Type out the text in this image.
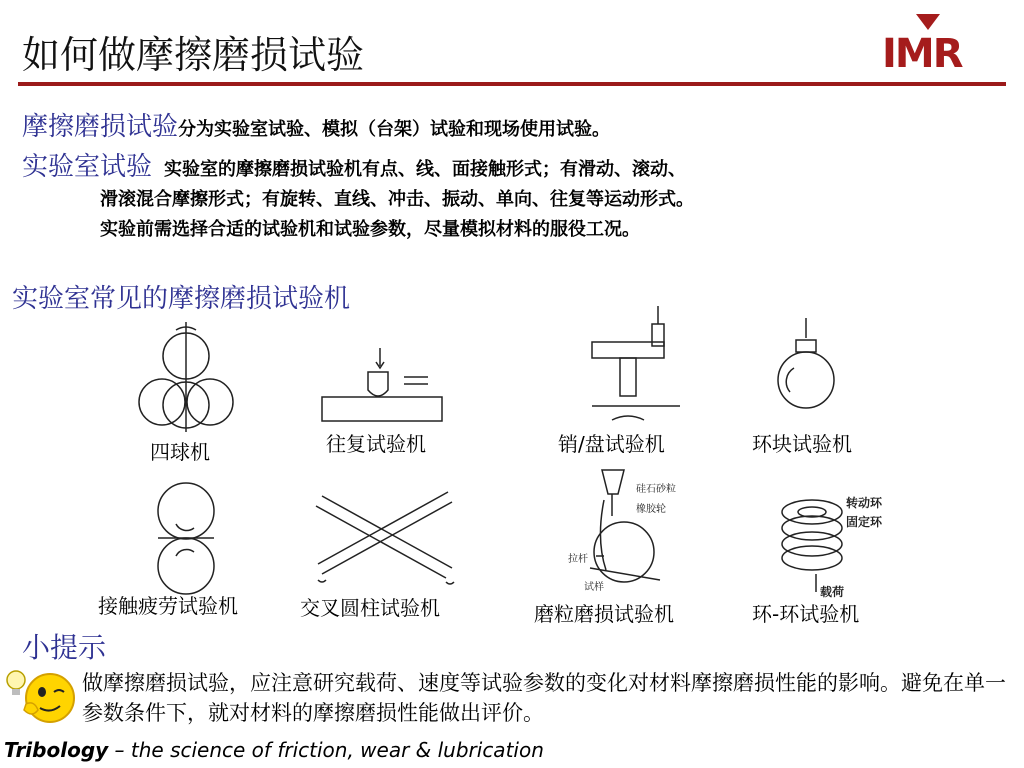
如何做摩擦磨损试验	IMR
摩擦磨损试验分为实验室试验、模拟（台架）试验和现场使用试验。
实验室试验 实验室的摩擦磨损试验机有点、线、面接触形式；有滑动、滚动、
滑滚混合摩擦形式；有旋转、直线、冲击、振动、单向、往复等运动形式。
实验前需选择合适的试验机和试验参数，尽量模拟材料的服役工况。
实验室常见的摩擦磨损试验机
硅石砂粒
橡胶轮
拉杆
试样
转动环
固定环
载荷
四球机	往复试验机	销/盘试验机	环块试验机
接触疲劳试验机	交叉圆柱试验机	磨粒磨损试验机	环-环试验机
小提示
做摩擦磨损试验，应注意研究载荷、速度等试验参数的变化对材料摩擦磨损性能的影响。避免在单一参数条件下，就对材料的摩擦磨损性能做出评价。
Tribology – the science of friction, wear & lubrication
